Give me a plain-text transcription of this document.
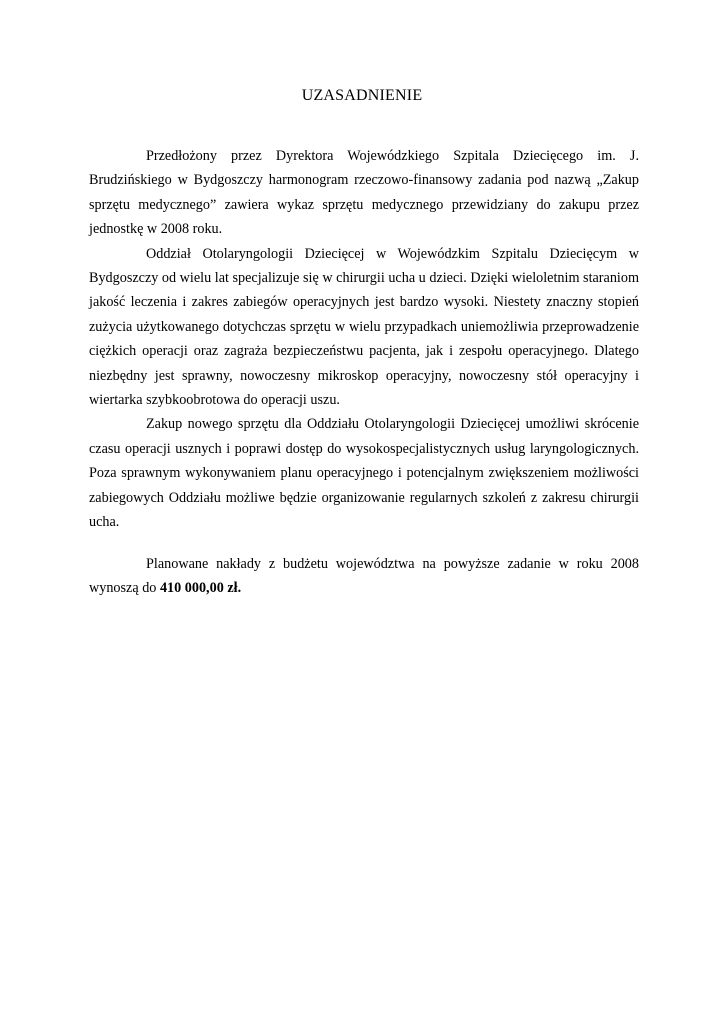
UZASADNIENIE

Przedłożony przez Dyrektora Wojewódzkiego Szpitala Dziecięcego im. J. Brudzińskiego w Bydgoszczy harmonogram rzeczowo-finansowy zadania pod nazwą „Zakup sprzętu medycznego” zawiera wykaz sprzętu medycznego przewidziany do zakupu przez jednostkę w 2008 roku.

Oddział Otolaryngologii Dziecięcej w Wojewódzkim Szpitalu Dziecięcym w Bydgoszczy od wielu lat specjalizuje się w chirurgii ucha u dzieci. Dzięki wieloletnim staraniom jakość leczenia i zakres zabiegów operacyjnych jest bardzo wysoki. Niestety znaczny stopień zużycia użytkowanego dotychczas sprzętu w wielu przypadkach uniemożliwia przeprowadzenie ciężkich operacji oraz zagraża bezpieczeństwu pacjenta, jak i zespołu operacyjnego. Dlatego niezbędny jest sprawny, nowoczesny mikroskop operacyjny, nowoczesny stół operacyjny i wiertarka szybkoobrotowa do operacji uszu.

Zakup nowego sprzętu dla Oddziału Otolaryngologii Dziecięcej umożliwi skrócenie czasu operacji usznych i poprawi dostęp do wysokospecjalistycznych usług laryngologicznych. Poza sprawnym wykonywaniem planu operacyjnego i potencjalnym zwiększeniem możliwości zabiegowych Oddziału możliwe będzie organizowanie regularnych szkoleń z zakresu chirurgii ucha.

Planowane nakłady z budżetu województwa na powyższe zadanie w roku 2008 wynoszą do 410 000,00 zł.
